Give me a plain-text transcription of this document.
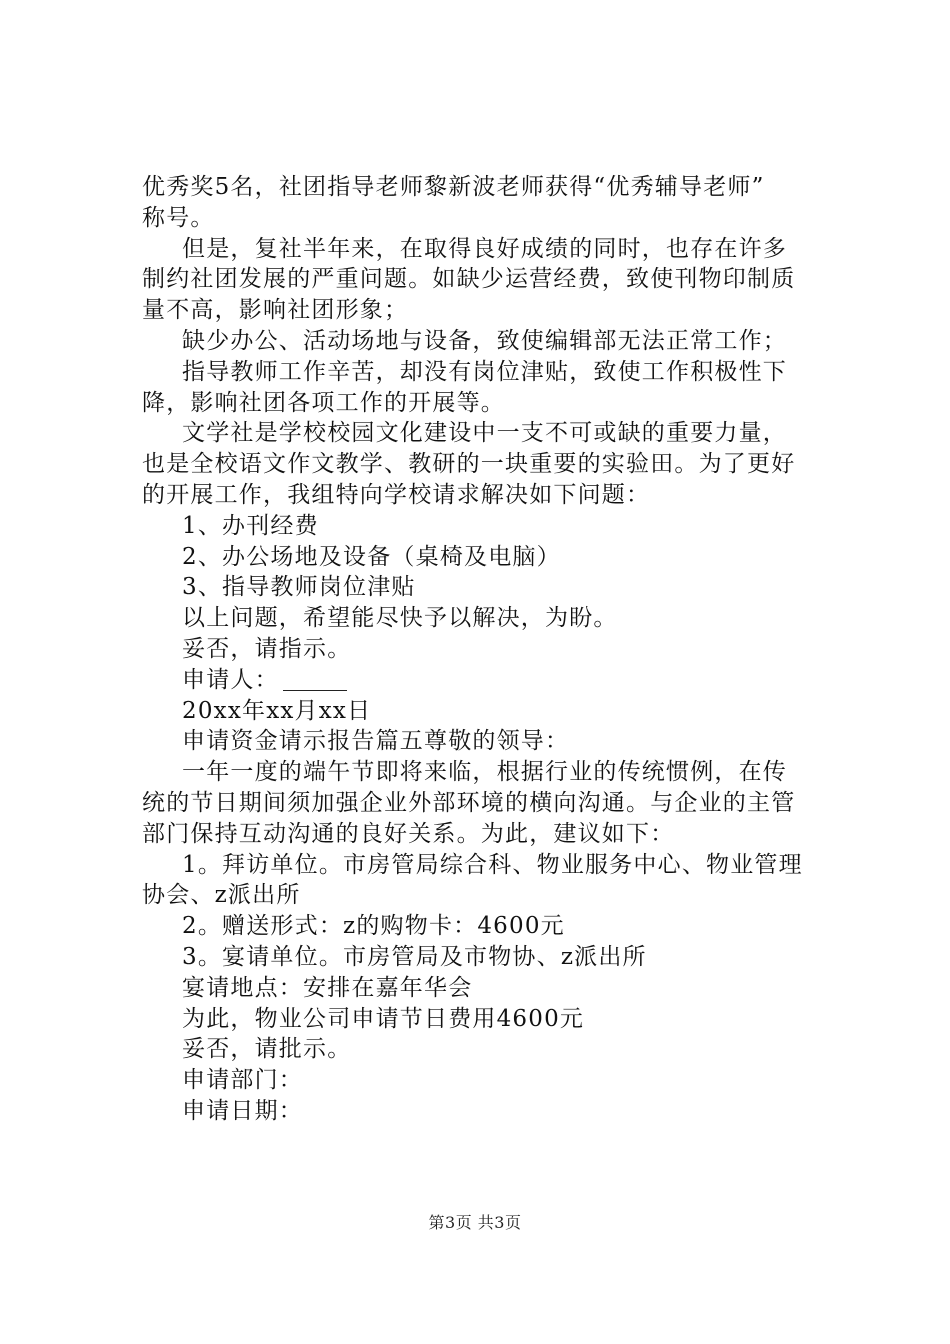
优秀奖5名，社团指导老师黎新波老师获得“优秀辅导老师”
称号。
但是，复社半年来，在取得良好成绩的同时，也存在许多
制约社团发展的严重问题。如缺少运营经费，致使刊物印制质
量不高，影响社团形象；
缺少办公、活动场地与设备，致使编辑部无法正常工作；
指导教师工作辛苦，却没有岗位津贴，致使工作积极性下
降，影响社团各项工作的开展等。
文学社是学校校园文化建设中一支不可或缺的重要力量，
也是全校语文作文教学、教研的一块重要的实验田。为了更好
的开展工作，我组特向学校请求解决如下问题：
1、办刊经费
2、办公场地及设备（桌椅及电脑）
3、指导教师岗位津贴
以上问题，希望能尽快予以解决，为盼。
妥否，请指示。
申请人：
20xx年xx月xx日
申请资金请示报告篇五尊敬的领导：
一年一度的端午节即将来临，根据行业的传统惯例，在传
统的节日期间须加强企业外部环境的横向沟通。与企业的主管
部门保持互动沟通的良好关系。为此，建议如下：
1。拜访单位。市房管局综合科、物业服务中心、物业管理
协会、z派出所
2。赠送形式：z的购物卡：4600元
3。宴请单位。市房管局及市物协、z派出所
宴请地点：安排在嘉年华会
为此，物业公司申请节日费用4600元
妥否，请批示。
申请部门：
申请日期：
第3页 共3页
